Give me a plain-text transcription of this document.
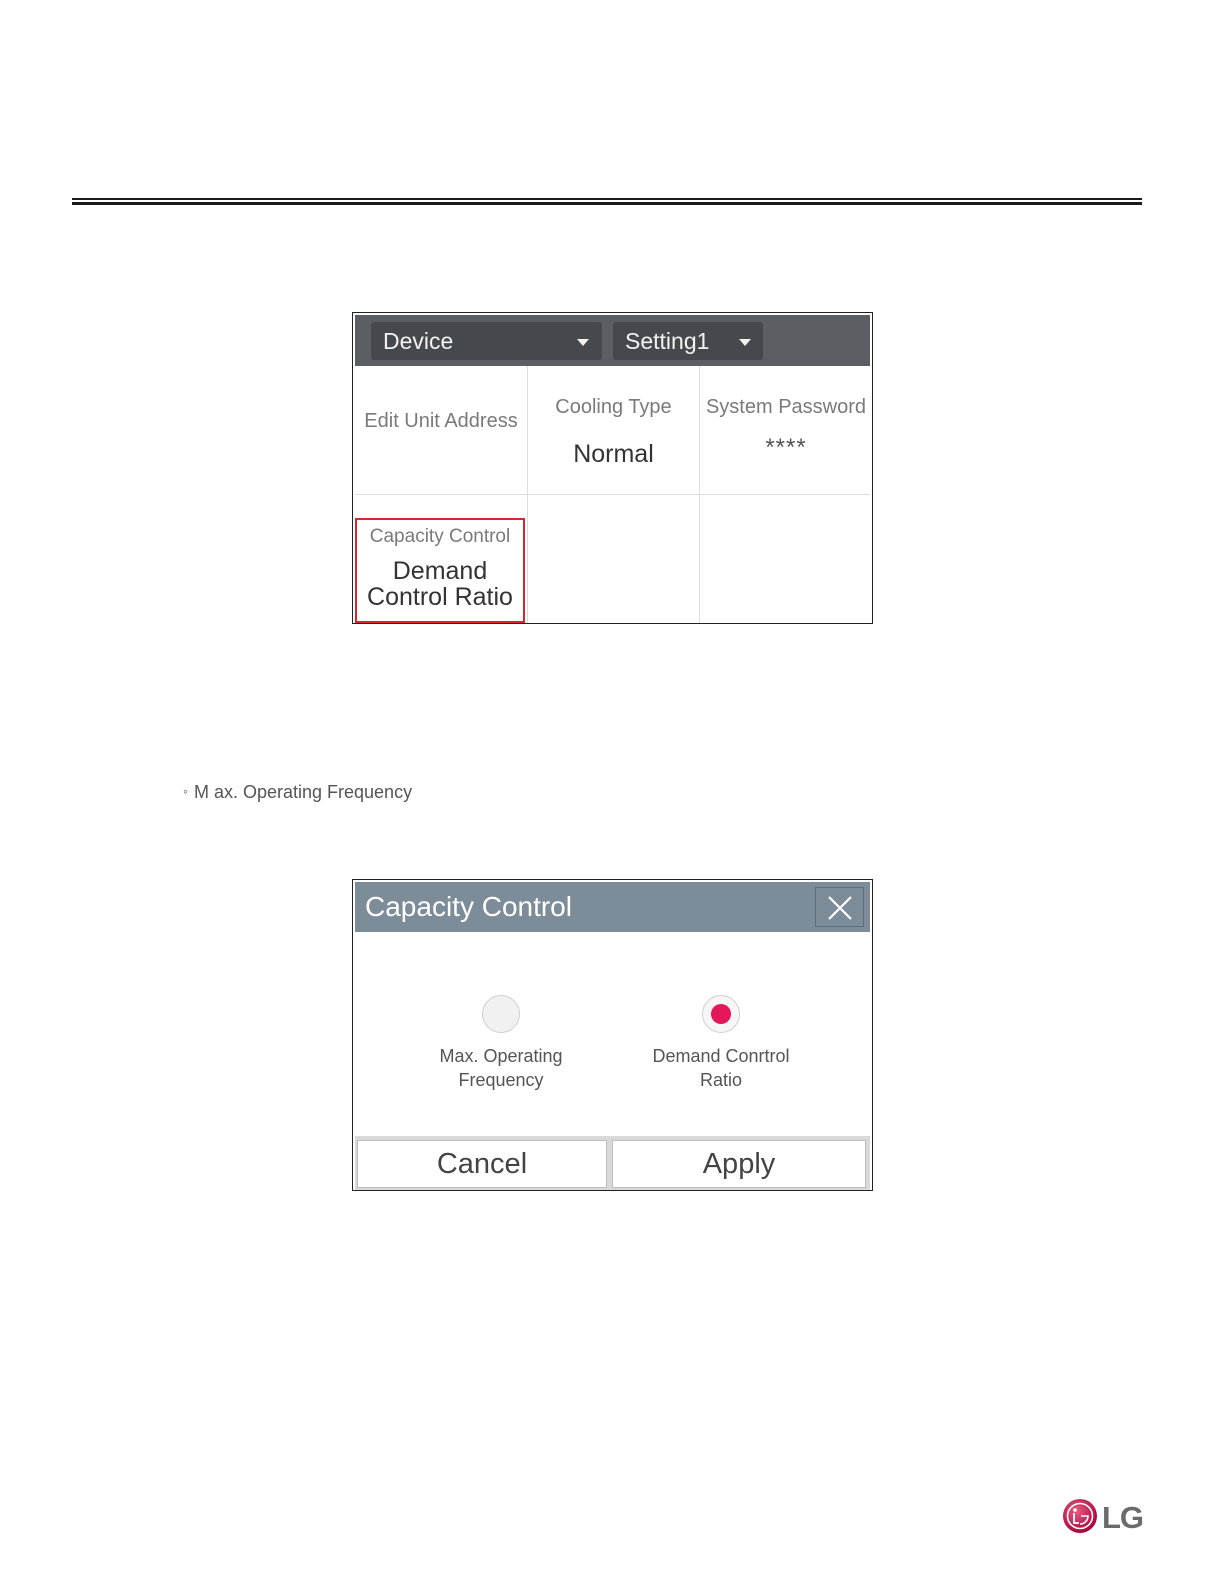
Device	Setting1
Edit Unit Address
Cooling Type
Normal
System Password
****
Capacity Control
Demand
Control Ratio
◦ M ax. Operating Frequency
Capacity Control
Max. Operating
Frequency
Demand Conrtrol
Ratio
Cancel	Apply
LG
